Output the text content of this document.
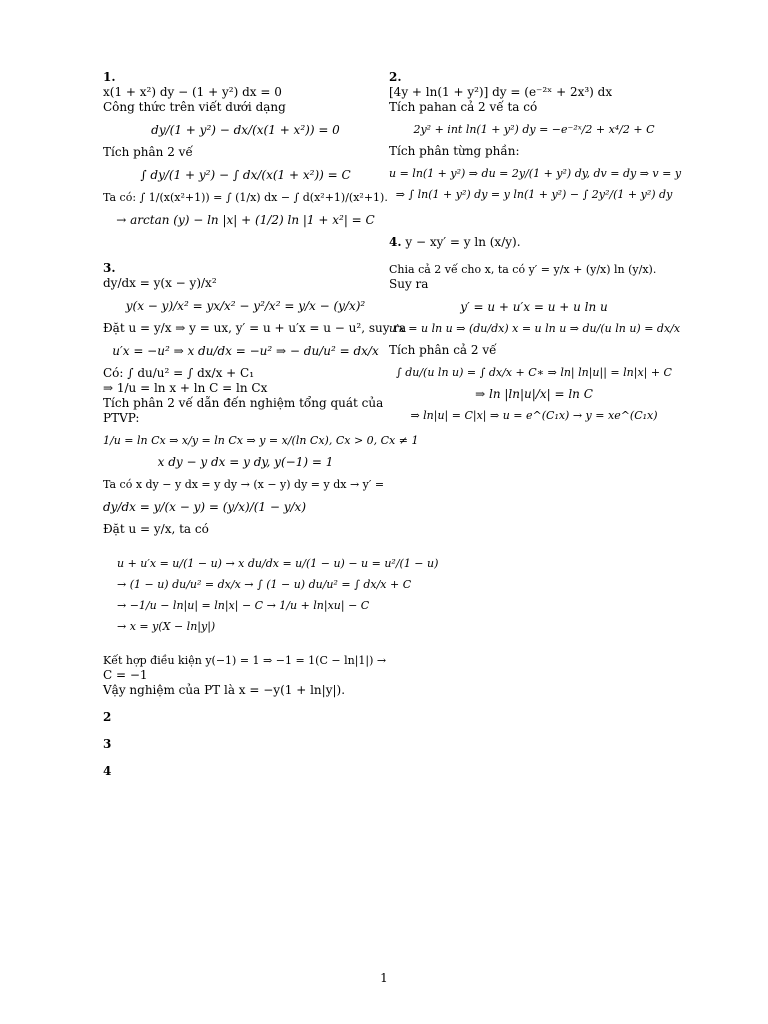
1.

x(1 + x²) dy − (1 + y²) dx = 0

Công thức trên viết dưới dạng

dy/(1 + y²) − dx/(x(1 + x²)) = 0

Tích phân 2 vế

∫ dy/(1 + y²) − ∫ dx/(x(1 + x²)) = C

Ta có: ∫ 1/(x(x²+1)) = ∫ (1/x) dx − ∫ d(x²+1)/(x²+1).

→ arctan (y) − ln |x| + (1/2) ln |1 + x²| = C

3.

dy/dx = y(x − y)/x²

y(x − y)/x² = yx/x² − y²/x² = y/x − (y/x)²

Đặt u = y/x ⇒ y = ux, y′ = u + u′x = u − u², suy ra

u′x = −u² ⇒ x du/dx = −u² ⇒ − du/u² = dx/x

Có: ∫ du/u² = ∫ dx/x + C₁

⇒ 1/u = ln x + ln C = ln Cx

Tích phân 2 vế dẫn đến nghiệm tổng quát của

PTVP:

1/u = ln Cx ⇒ x/y = ln Cx ⇒ y = x/(ln Cx), Cx > 0, Cx ≠ 1
x dy − y dx = y dy, y(−1) = 1

Ta có x dy − y dx = y dy → (x − y) dy = y dx → y′ =

dy/dx = y/(x − y) = (y/x)/(1 − y/x)

Đặt u = y/x, ta có

u + u′x = u/(1 − u) → x du/dx = u/(1 − u) − u = u²/(1 − u)
→ (1 − u) du/u² = dx/x → ∫ (1 − u) du/u² = ∫ dx/x + C
→ −1/u − ln|u| = ln|x| − C → 1/u + ln|xu| − C
→ x = y(X − ln|y|)

Kết hợp điều kiện y(−1) = 1 ⇒ −1 = 1(C − ln|1|) →

C = −1

Vậy nghiệm của PT là x = −y(1 + ln|y|).

2

3

4

2.

[4y + ln(1 + y²)] dy = (e⁻²ˣ + 2x³) dx

Tích pahan cả 2 vế ta có

2y² + int ln(1 + y²) dy = −e⁻²ˣ/2 + x⁴/2 + C

Tích phân từng phần:

u = ln(1 + y²) ⇒ du = 2y/(1 + y²) dy, dv = dy ⇒ v = y
⇒ ∫ ln(1 + y²) dy = y ln(1 + y²) − ∫ 2y²/(1 + y²) dy

4. y − xy′ = y ln (x/y).

Chia cả 2 vế cho x, ta có y′ = y/x + (y/x) ln (y/x).

Suy ra

y′ = u + u′x = u + u ln u
u′x = u ln u ⇒ (du/dx) x = u ln u ⇒ du/(u ln u) = dx/x

Tích phân cả 2 vế

∫ du/(u ln u) = ∫ dx/x + C∗ ⇒ ln| ln|u|| = ln|x| + C
⇒ ln |ln|u|/x| = ln C
⇒ ln|u| = C|x| ⇒ u = e^(C₁x) → y = xe^(C₁x)
1
